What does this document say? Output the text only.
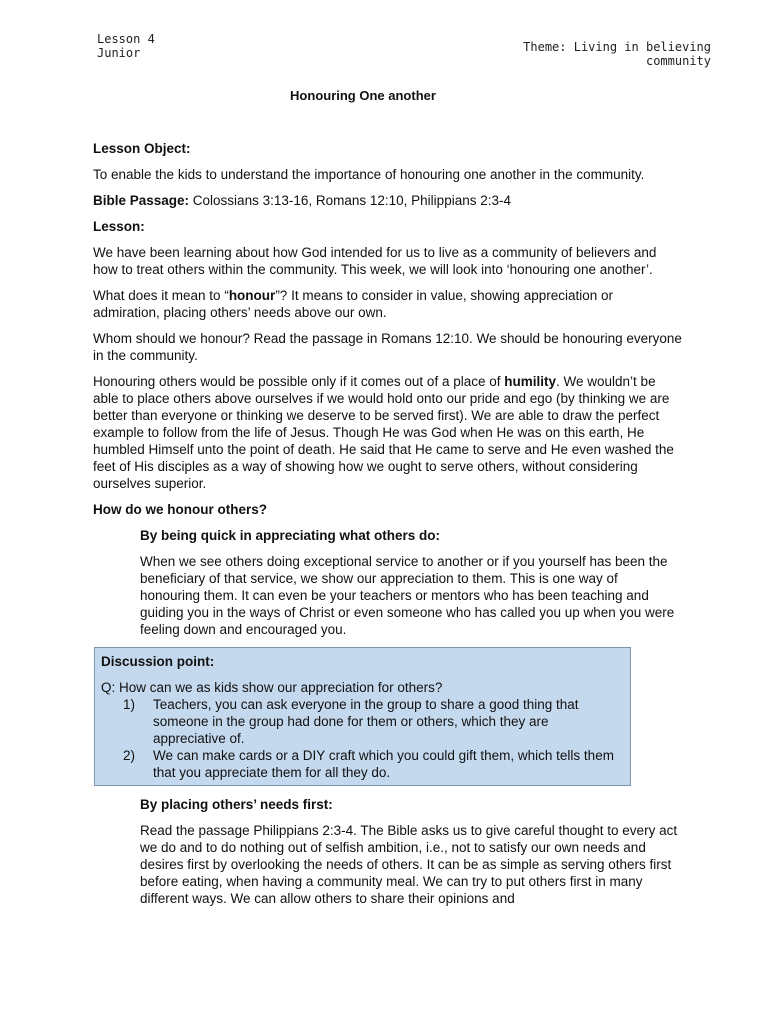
Lesson 4
Junior	Theme: Living in believing
community
Honouring One another

Lesson Object:

To enable the kids to understand the importance of honouring one another in the community.

Bible Passage: Colossians 3:13-16, Romans 12:10, Philippians 2:3-4

Lesson:

We have been learning about how God intended for us to live as a community of believers and how to treat others within the community. This week, we will look into ‘honouring one another’.

What does it mean to “honour”? It means to consider in value, showing appreciation or admiration, placing others’ needs above our own.

Whom should we honour? Read the passage in Romans 12:10. We should be honouring everyone in the community.

Honouring others would be possible only if it comes out of a place of humility. We wouldn’t be able to place others above ourselves if we would hold onto our pride and ego (by thinking we are better than everyone or thinking we deserve to be served first). We are able to draw the perfect example to follow from the life of Jesus. Though He was God when He was on this earth, He humbled Himself unto the point of death. He said that He came to serve and He even washed the feet of His disciples as a way of showing how we ought to serve others, without considering ourselves superior.

How do we honour others?

By being quick in appreciating what others do:

When we see others doing exceptional service to another or if you yourself has been the beneficiary of that service, we show our appreciation to them. This is one way of honouring them. It can even be your teachers or mentors who has been teaching and guiding you in the ways of Christ or even someone who has called you up when you were feeling down and encouraged you.

Discussion point:

Q: How can we as kids show our appreciation for others?

1)	Teachers, you can ask everyone in the group to share a good thing that someone in the group had done for them or others, which they are appreciative of.
2)	We can make cards or a DIY craft which you could gift them, which tells them that you appreciate them for all they do.

By placing others’ needs first:

Read the passage Philippians 2:3-4. The Bible asks us to give careful thought to every act we do and to do nothing out of selfish ambition, i.e., not to satisfy our own needs and desires first by overlooking the needs of others. It can be as simple as serving others first before eating, when having a community meal. We can try to put others first in many different ways. We can allow others to share their opinions and
